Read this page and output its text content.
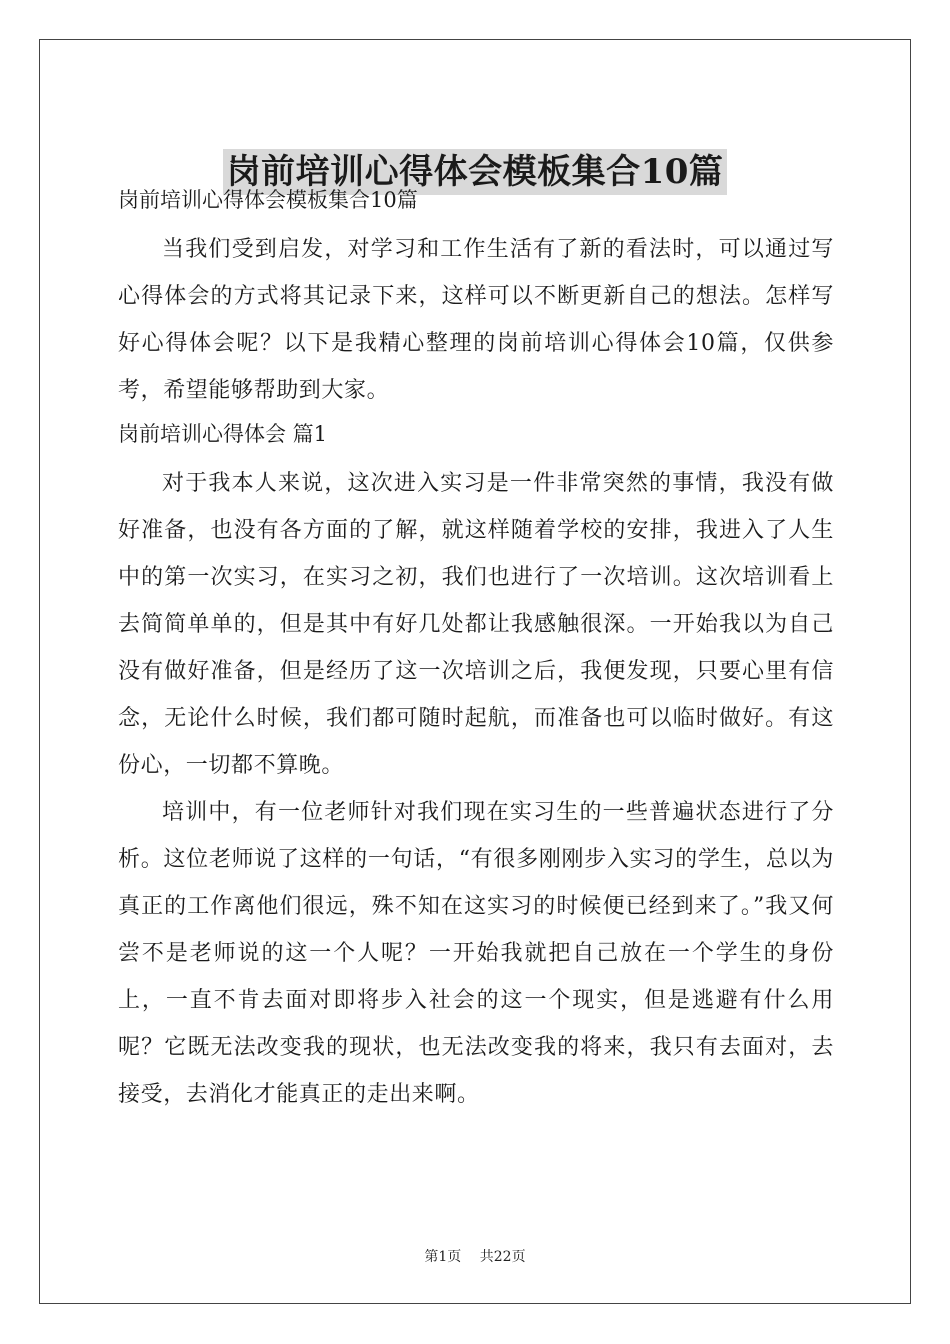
岗前培训心得体会模板集合10篇

岗前培训心得体会模板集合10篇

当我们受到启发，对学习和工作生活有了新的看法时，可以通过写心得体会的方式将其记录下来，这样可以不断更新自己的想法。怎样写好心得体会呢？以下是我精心整理的岗前培训心得体会10篇，仅供参考，希望能够帮助到大家。

岗前培训心得体会 篇1

对于我本人来说，这次进入实习是一件非常突然的事情，我没有做好准备，也没有各方面的了解，就这样随着学校的安排，我进入了人生中的第一次实习，在实习之初，我们也进行了一次培训。这次培训看上去简简单单的，但是其中有好几处都让我感触很深。一开始我以为自己没有做好准备，但是经历了这一次培训之后，我便发现，只要心里有信念，无论什么时候，我们都可随时起航，而准备也可以临时做好。有这份心，一切都不算晚。

培训中，有一位老师针对我们现在实习生的一些普遍状态进行了分析。这位老师说了这样的一句话，“有很多刚刚步入实习的学生，总以为真正的工作离他们很远，殊不知在这实习的时候便已经到来了。”我又何尝不是老师说的这一个人呢？一开始我就把自己放在一个学生的身份上，一直不肯去面对即将步入社会的这一个现实，但是逃避有什么用呢？它既无法改变我的现状，也无法改变我的将来，我只有去面对，去接受，去消化才能真正的走出来啊。

第1页 共22页
